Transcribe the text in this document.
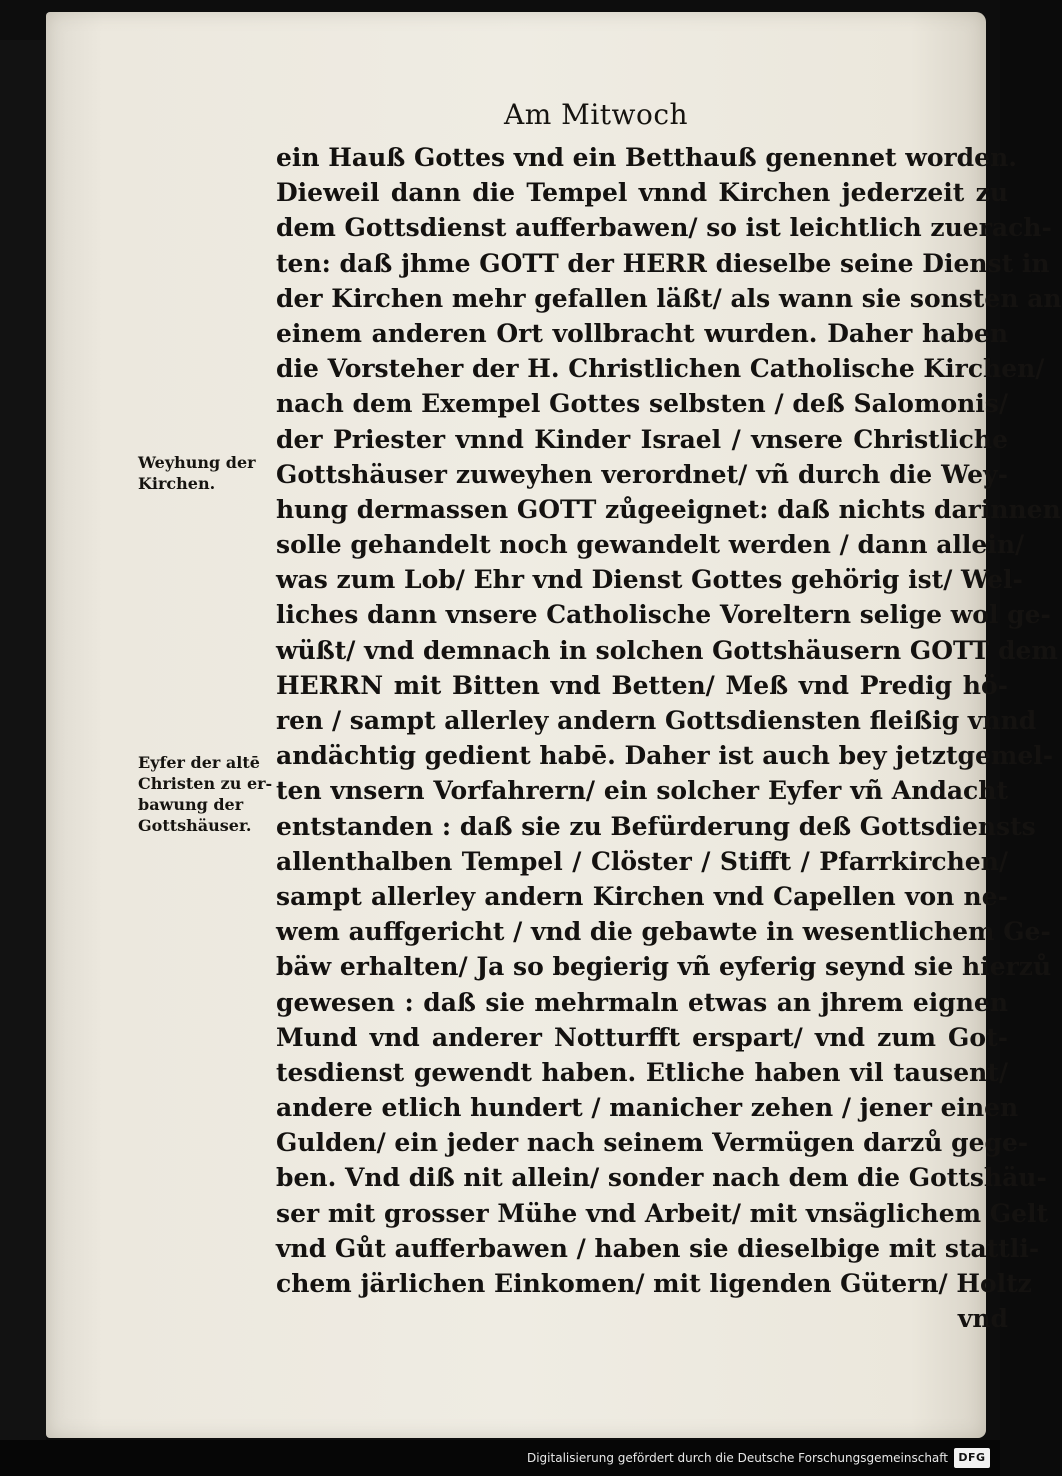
Am Mitwoch
Weyhung der
Kirchen.
Eyfer der altē
Christen zu er-
bawung der
Gottshäuser.
ein Hauß Gottes vnd ein Betthauß genennet worden.
Dieweil dann die Tempel vnnd Kirchen jederzeit zu
dem Gottsdienst aufferbawen/ so ist leichtlich zuerach-
ten: daß jhme GOTT der HERR dieselbe seine Dienst in
der Kirchen mehr gefallen läßt/ als wann sie sonsten an
einem anderen Ort vollbracht wurden. Daher haben
die Vorsteher der H. Christlichen Catholische Kirchen/
nach dem Exempel Gottes selbsten / deß Salomonis/
der Priester vnnd Kinder Israel / vnsere Christliche
Gottshäuser zuweyhen verordnet/ vñ durch die Wey-
hung dermassen GOTT zůgeeignet: daß nichts darinnen
solle gehandelt noch gewandelt werden / dann allein/
was zum Lob/ Ehr vnd Dienst Gottes gehörig ist/ Wel-
liches dann vnsere Catholische Voreltern selige wol ge-
wüßt/ vnd demnach in solchen Gottshäusern GOTT dem
HERRN mit Bitten vnd Betten/ Meß vnd Predig hö-
ren / sampt allerley andern Gottsdiensten fleißig vnnd
andächtig gedient habē. Daher ist auch bey jetztgemel-
ten vnsern Vorfahrern/ ein solcher Eyfer vñ Andacht
entstanden : daß sie zu Befürderung deß Gottsdiensts
allenthalben Tempel / Clöster / Stifft / Pfarrkirchen/
sampt allerley andern Kirchen vnd Capellen von ne-
wem auffgericht / vnd die gebawte in wesentlichem Ge-
bäw erhalten/ Ja so begierig vñ eyferig seynd sie hierzů
gewesen : daß sie mehrmaln etwas an jhrem eignen
Mund vnd anderer Notturfft erspart/ vnd zum Got-
tesdienst gewendt haben. Etliche haben vil tausent/
andere etlich hundert / manicher zehen / jener einen
Gulden/ ein jeder nach seinem Vermügen darzů gege-
ben. Vnd diß nit allein/ sonder nach dem die Gottshäu-
ser mit grosser Mühe vnd Arbeit/ mit vnsäglichem Gelt
vnd Gůt aufferbawen / haben sie dieselbige mit stattli-
chem järlichen Einkomen/ mit ligenden Gütern/ Holtz
vnd
Digitalisierung gefördert durch die Deutsche Forschungsgemeinschaft DFG
